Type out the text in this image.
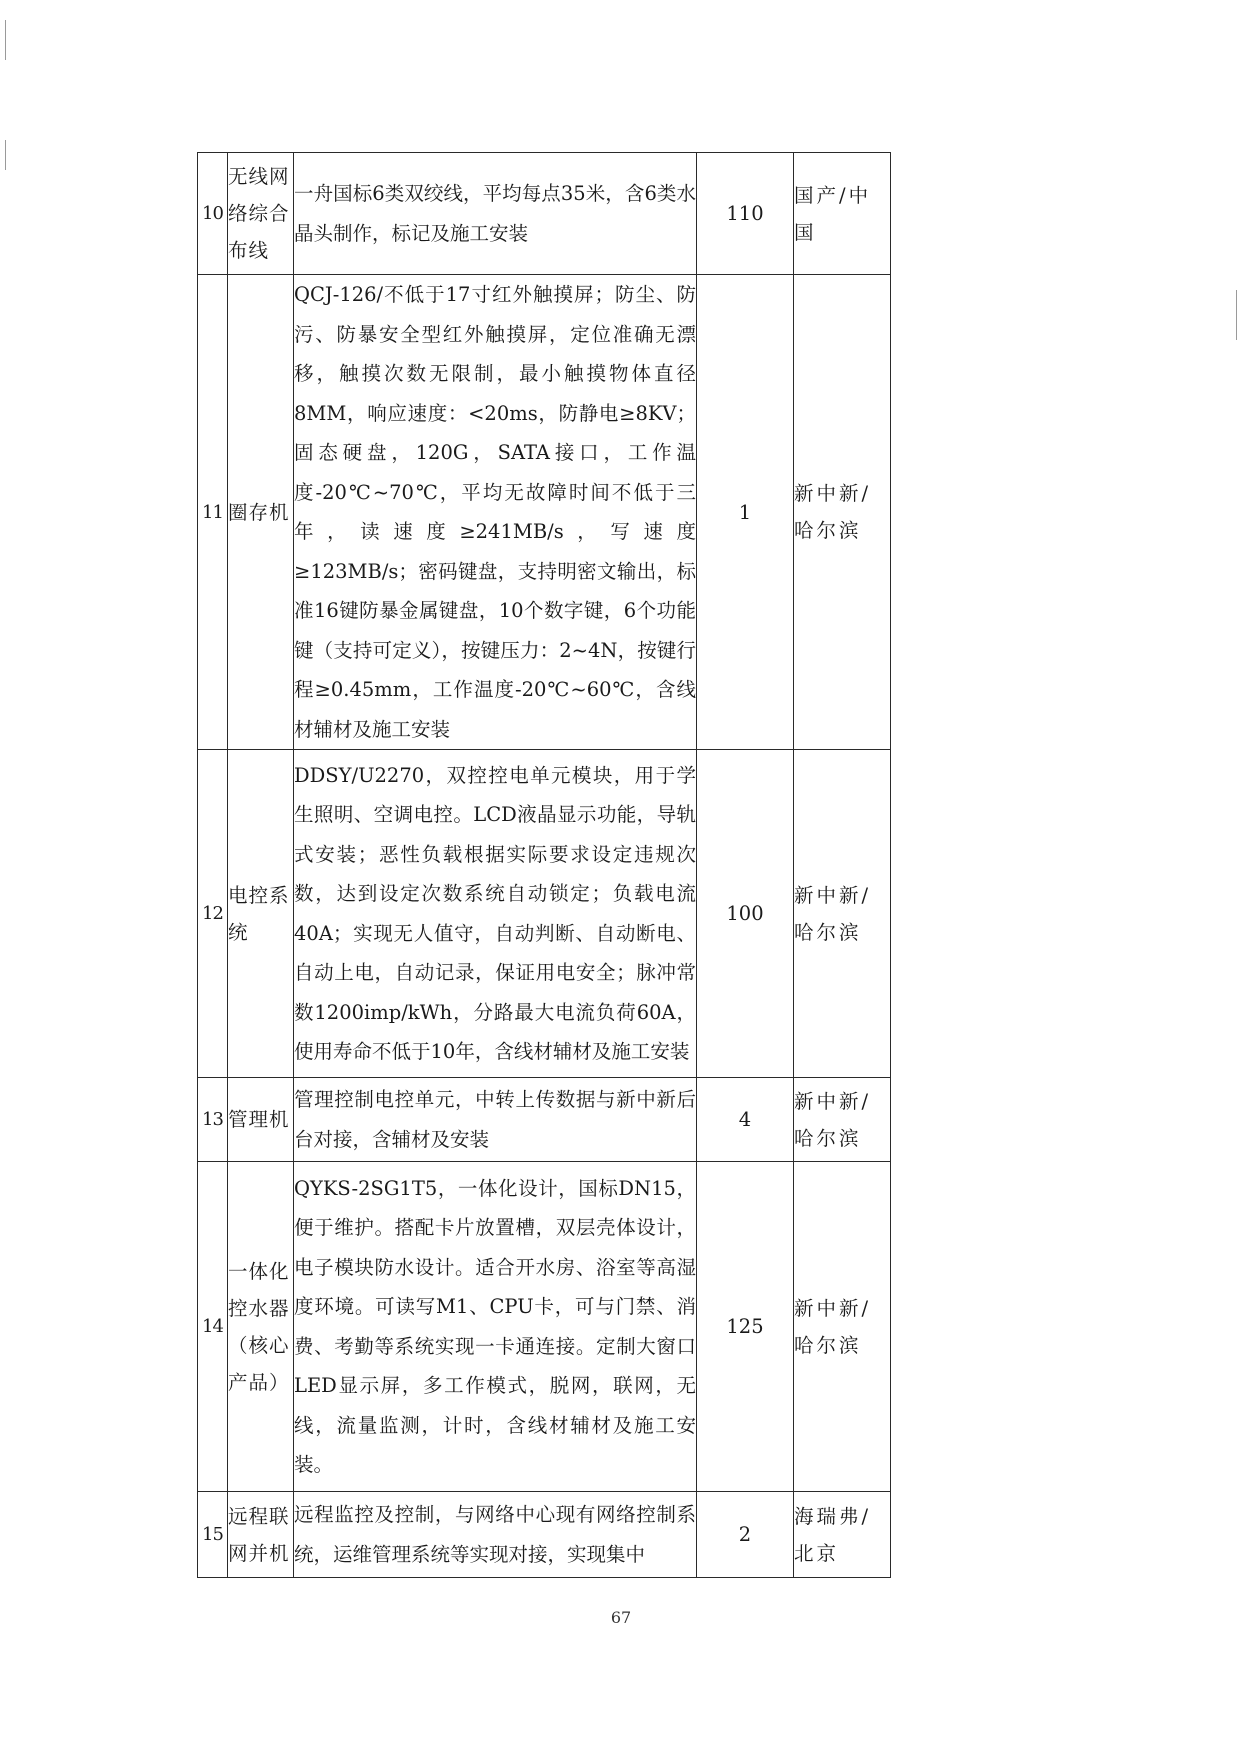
10	无线网络综合布线	一舟国标6类双绞线，平均每点35米，含6类水晶头制作，标记及施工安装	110	国产/中国
11	圈存机	QCJ-126/不低于17寸红外触摸屏；防尘、防污、防暴安全型红外触摸屏，定位准确无漂移，触摸次数无限制，最小触摸物体直径8MM，响应速度：<20ms，防静电≥8KV；固态硬盘，120G，SATA接口，工作温度-20℃~70℃，平均无故障时间不低于三年，读速度≥241MB/s，写速度≥123MB/s；密码键盘，支持明密文输出，标准16键防暴金属键盘，10个数字键，6个功能键（支持可定义），按键压力：2~4N，按键行程≥0.45mm，工作温度-20℃~60℃，含线材辅材及施工安装	1	新中新/哈尔滨
12	电控系统	DDSY/U2270，双控控电单元模块，用于学生照明、空调电控。LCD液晶显示功能，导轨式安装；恶性负载根据实际要求设定违规次数，达到设定次数系统自动锁定；负载电流40A；实现无人值守，自动判断、自动断电、自动上电，自动记录，保证用电安全；脉冲常数1200imp/kWh，分路最大电流负荷60A，使用寿命不低于10年，含线材辅材及施工安装	100	新中新/哈尔滨
13	管理机	管理控制电控单元，中转上传数据与新中新后台对接，含辅材及安装	4	新中新/哈尔滨
14	一体化控水器（核心产品）	QYKS-2SG1T5，一体化设计，国标DN15，便于维护。搭配卡片放置槽，双层壳体设计，电子模块防水设计。适合开水房、浴室等高湿度环境。可读写M1、CPU卡，可与门禁、消费、考勤等系统实现一卡通连接。定制大窗口LED显示屏，多工作模式，脱网，联网，无线，流量监测，计时，含线材辅材及施工安装。	125	新中新/哈尔滨
15	远程联网并机	远程监控及控制，与网络中心现有网络控制系统，运维管理系统等实现对接，实现集中	2	海瑞弗/北京
67
